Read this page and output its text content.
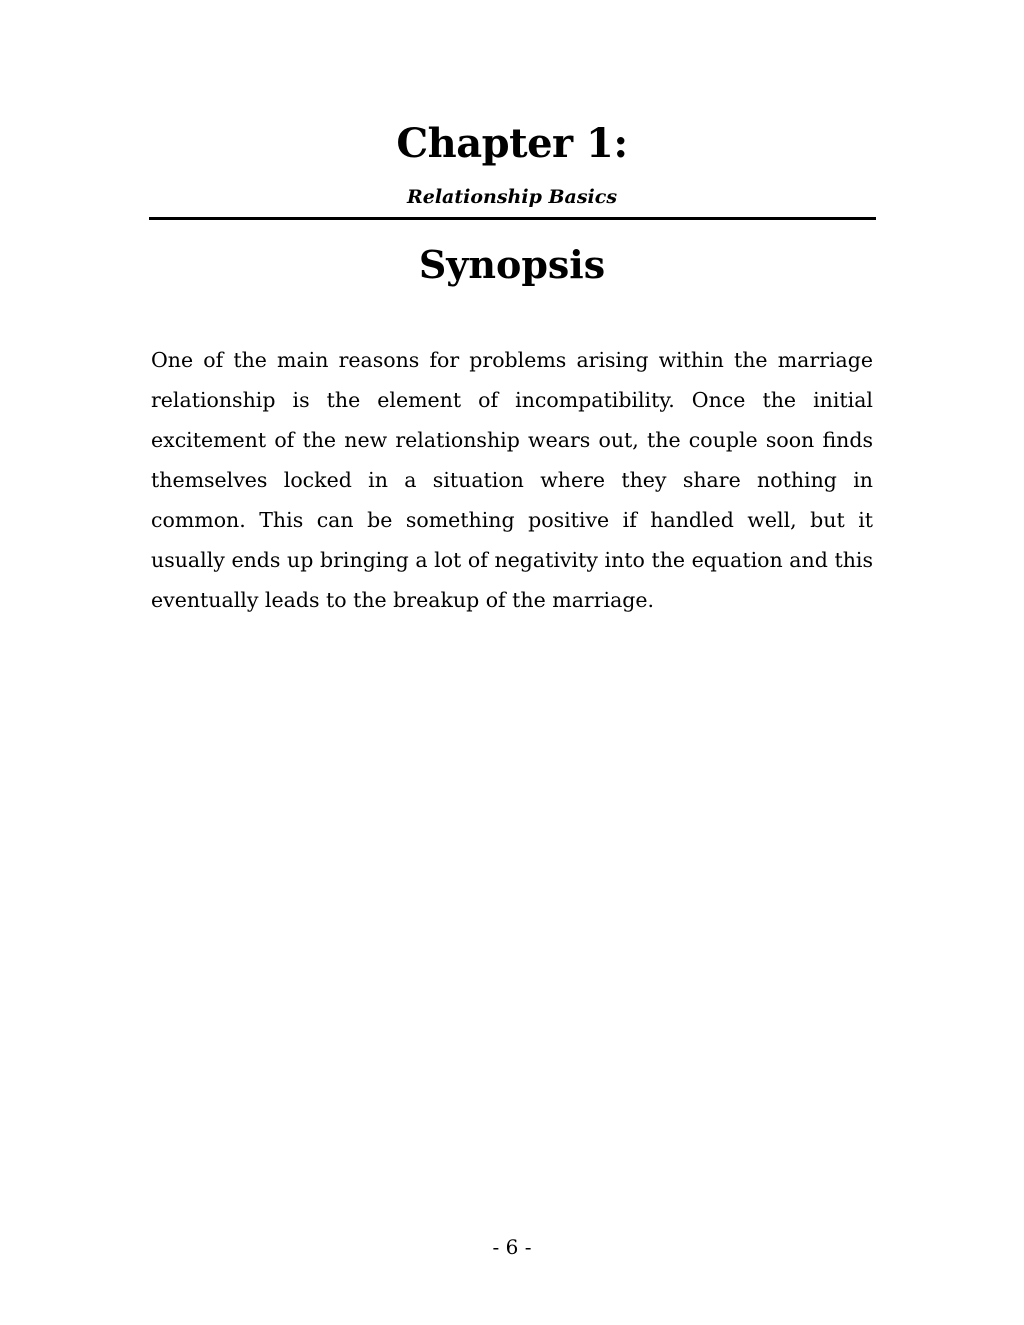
Chapter 1:

Relationship Basics

Synopsis

One of the main reasons for problems arising within the marriage relationship is the element of incompatibility. Once the initial excitement of the new relationship wears out, the couple soon finds themselves locked in a situation where they share nothing in common. This can be something positive if handled well, but it usually ends up bringing a lot of negativity into the equation and this eventually leads to the breakup of the marriage.

- 6 -
